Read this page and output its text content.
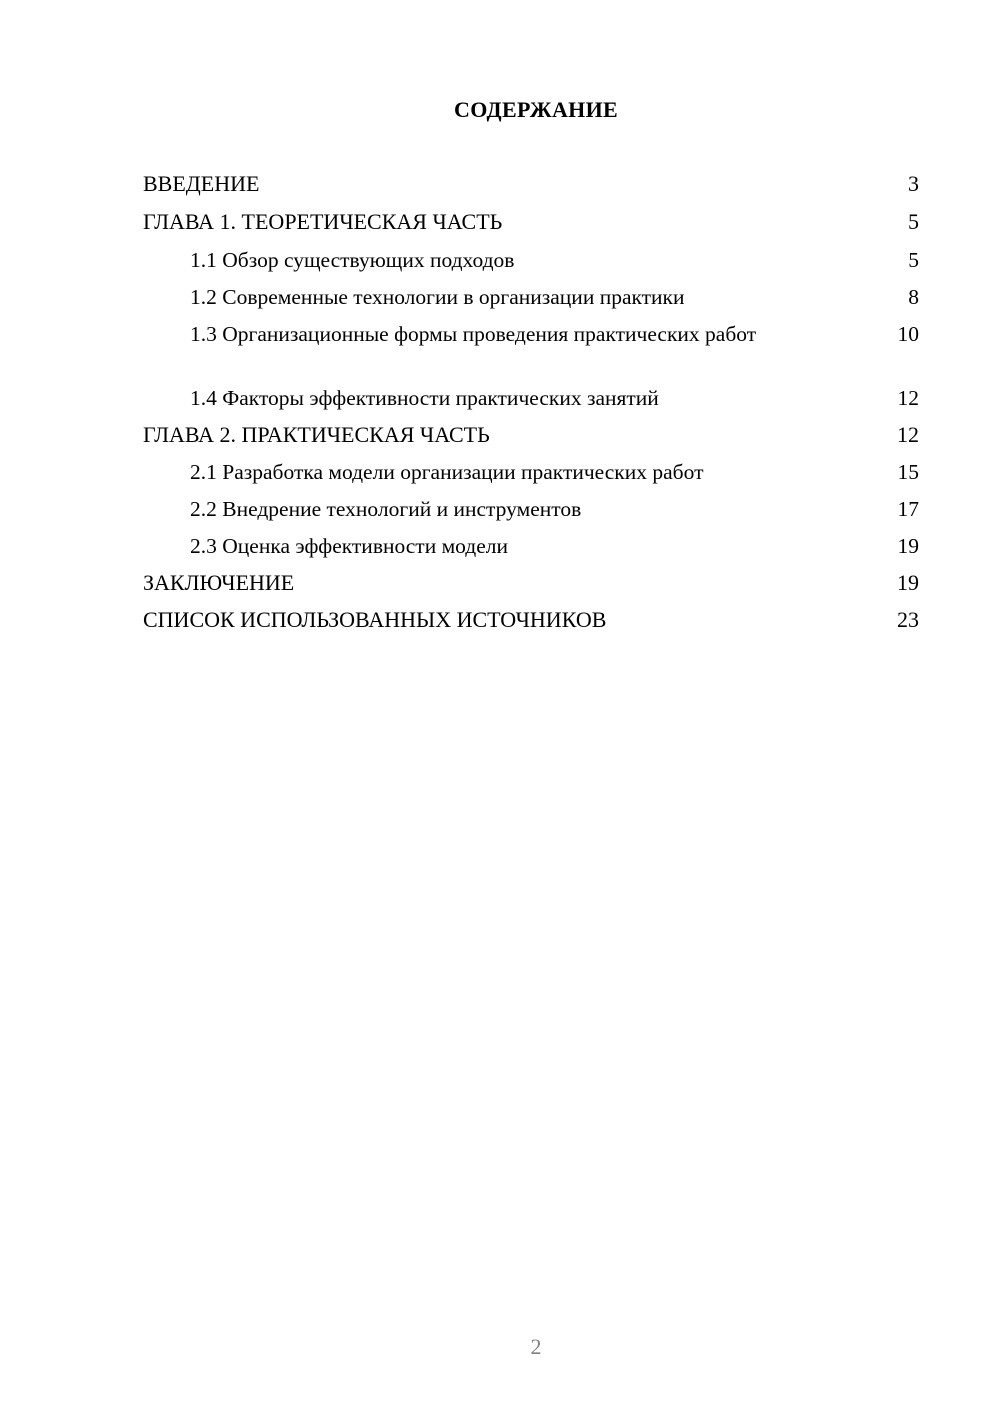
СОДЕРЖАНИЕ
ВВЕДЕНИЕ	3
ГЛАВА 1. ТЕОРЕТИЧЕСКАЯ ЧАСТЬ	5
1.1 Обзор существующих подходов	5
1.2 Современные технологии в организации практики	8
1.3 Организационные формы проведения практических работ	10
1.4 Факторы эффективности практических занятий	12
ГЛАВА 2. ПРАКТИЧЕСКАЯ ЧАСТЬ	12
2.1 Разработка модели организации практических работ	15
2.2 Внедрение технологий и инструментов	17
2.3 Оценка эффективности модели	19
ЗАКЛЮЧЕНИЕ	19
СПИСОК ИСПОЛЬЗОВАННЫХ ИСТОЧНИКОВ	23
2
